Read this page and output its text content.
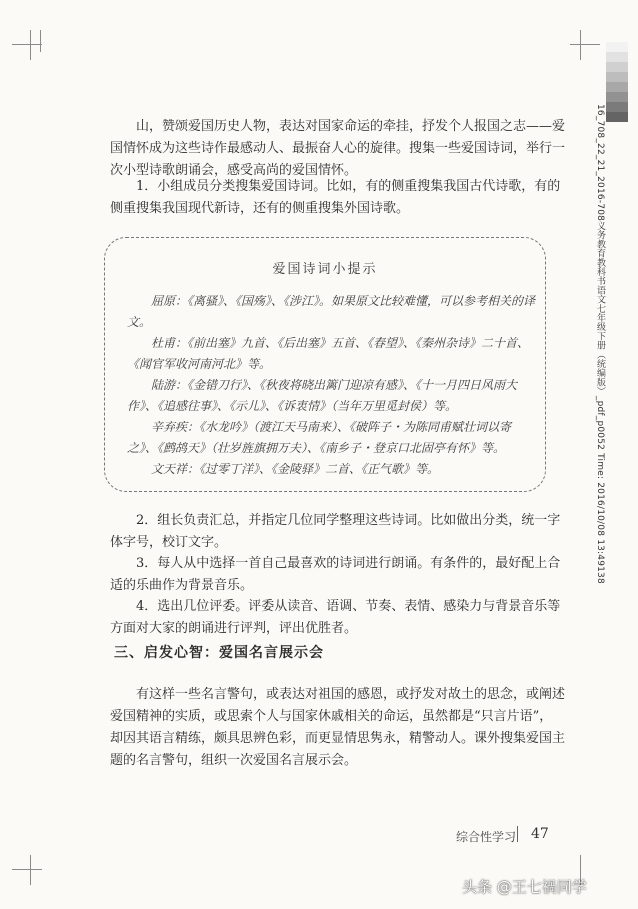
16_708_22_21_2016-708义务教育教科书语文七年级下册（统编版）_pdf_p0052 Time: 2016/10/08 13:49138

山，赞颂爱国历史人物，表达对国家命运的牵挂，抒发个人报国之志——爱国情怀成为这些诗作最感动人、最振奋人心的旋律。搜集一些爱国诗词，举行一次小型诗歌朗诵会，感受高尚的爱国情怀。

1．小组成员分类搜集爱国诗词。比如，有的侧重搜集我国古代诗歌，有的侧重搜集我国现代新诗，还有的侧重搜集外国诗歌。

爱国诗词小提示

屈原：《离骚》、《国殇》、《涉江》。如果原文比较难懂，可以参考相关的译文。

杜甫：《前出塞》九首、《后出塞》五首、《春望》、《秦州杂诗》二十首、《闻官军收河南河北》等。

陆游：《金错刀行》、《秋夜将晓出篱门迎凉有感》、《十一月四日风雨大作》、《追感往事》、《示儿》、《诉衷情》（当年万里觅封侯）等。

辛弃疾：《水龙吟》（渡江天马南来）、《破阵子・为陈同甫赋壮词以寄之》、《鹧鸪天》（壮岁旌旗拥万夫）、《南乡子・登京口北固亭有怀》等。

文天祥：《过零丁洋》、《金陵驿》二首、《正气歌》等。

2．组长负责汇总，并指定几位同学整理这些诗词。比如做出分类，统一字体字号，校订文字。

3．每人从中选择一首自己最喜欢的诗词进行朗诵。有条件的，最好配上合适的乐曲作为背景音乐。

4．选出几位评委。评委从读音、语调、节奏、表情、感染力与背景音乐等方面对大家的朗诵进行评判，评出优胜者。

三、启发心智：爱国名言展示会

有这样一些名言警句，或表达对祖国的感恩，或抒发对故土的思念，或阐述爱国精神的实质，或思索个人与国家休戚相关的命运，虽然都是“只言片语”，却因其语言精练，颇具思辨色彩，而更显情思隽永，精警动人。课外搜集爱国主题的名言警句，组织一次爱国名言展示会。

综合性学习 47
头条 @王七禍同学
